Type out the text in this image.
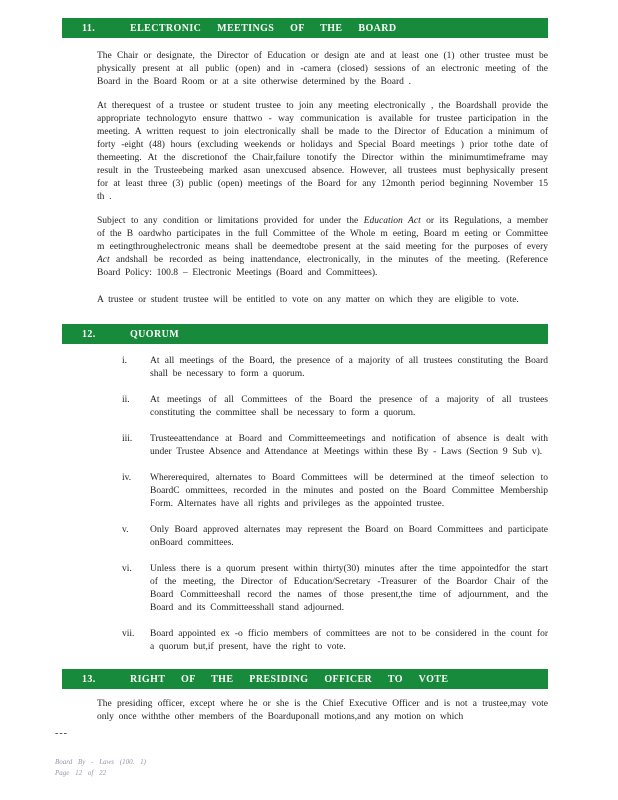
11.	ELECTRONIC MEETINGS OF THE BOARD

The Chair or designate, the Director of Education or design ate and at least one (1) other trustee must be physically present at all public (open) and in -camera (closed) sessions of an electronic meeting of the Board in the Board Room or at a site otherwise determined by the Board .

At therequest of a trustee or student trustee to join any meeting electronically , the Boardshall provide the appropriate technologyto ensure thattwo - way communication is available for trustee participation in the meeting. A written request to join electronically shall be made to the Director of Education a minimum of forty -eight (48) hours (excluding weekends or holidays and Special Board meetings ) prior tothe date of themeeting. At the discretionof the Chair,failure tonotify the Director within the minimumtimeframe may result in the Trusteebeing marked asan unexcused absence. However, all trustees must bephysically present for at least three (3) public (open) meetings of the Board for any 12month period beginning November 15 th .

Subject to any condition or limitations provided for under the Education Act or its Regulations, a member of the B oardwho participates in the full Committee of the Whole m eeting, Board m eeting or Committee m eetingthroughelectronic means shall be deemedtobe present at the said meeting for the purposes of every Act andshall be recorded as being inattendance, electronically, in the minutes of the meeting. (Reference Board Policy: 100.8 – Electronic Meetings (Board and Committees).

A trustee or student trustee will be entitled to vote on any matter on which they are eligible to vote.

12.	QUORUM
i.	At all meetings of the Board, the presence of a majority of all trustees constituting the Board shall be necessary to form a quorum.
ii.	At meetings of all Committees of the Board the presence of a majority of all trustees constituting the committee shall be necessary to form a quorum.
iii.	Trusteeattendance at Board and Committeemeetings and notification of absence is dealt with under Trustee Absence and Attendance at Meetings within these By - Laws (Section 9 Sub v).
iv.	Whererequired, alternates to Board Committees will be determined at the timeof selection to BoardC ommittees, recorded in the minutes and posted on the Board Committee Membership Form. Alternates have all rights and privileges as the appointed trustee.
v.	Only Board approved alternates may represent the Board on Board Committees and participate onBoard committees.
vi.	Unless there is a quorum present within thirty(30) minutes after the time appointedfor the start of the meeting, the Director of Education/Secretary -Treasurer of the Boardor Chair of the Board Committeeshall record the names of those present,the time of adjournment, and the Board and its Committeesshall stand adjourned.
vii.	Board appointed ex -o fficio members of committees are not to be considered in the count for a quorum but,if present, have the right to vote.
13.	RIGHT OF THE PRESIDING OFFICER TO VOTE

The presiding officer, except where he or she is the Chief Executive Officer and is not a trustee,may vote only once withthe other members of the Boarduponall motions,and any motion on which

---
Board By - Laws (100. 1)
Page 12 of 22
